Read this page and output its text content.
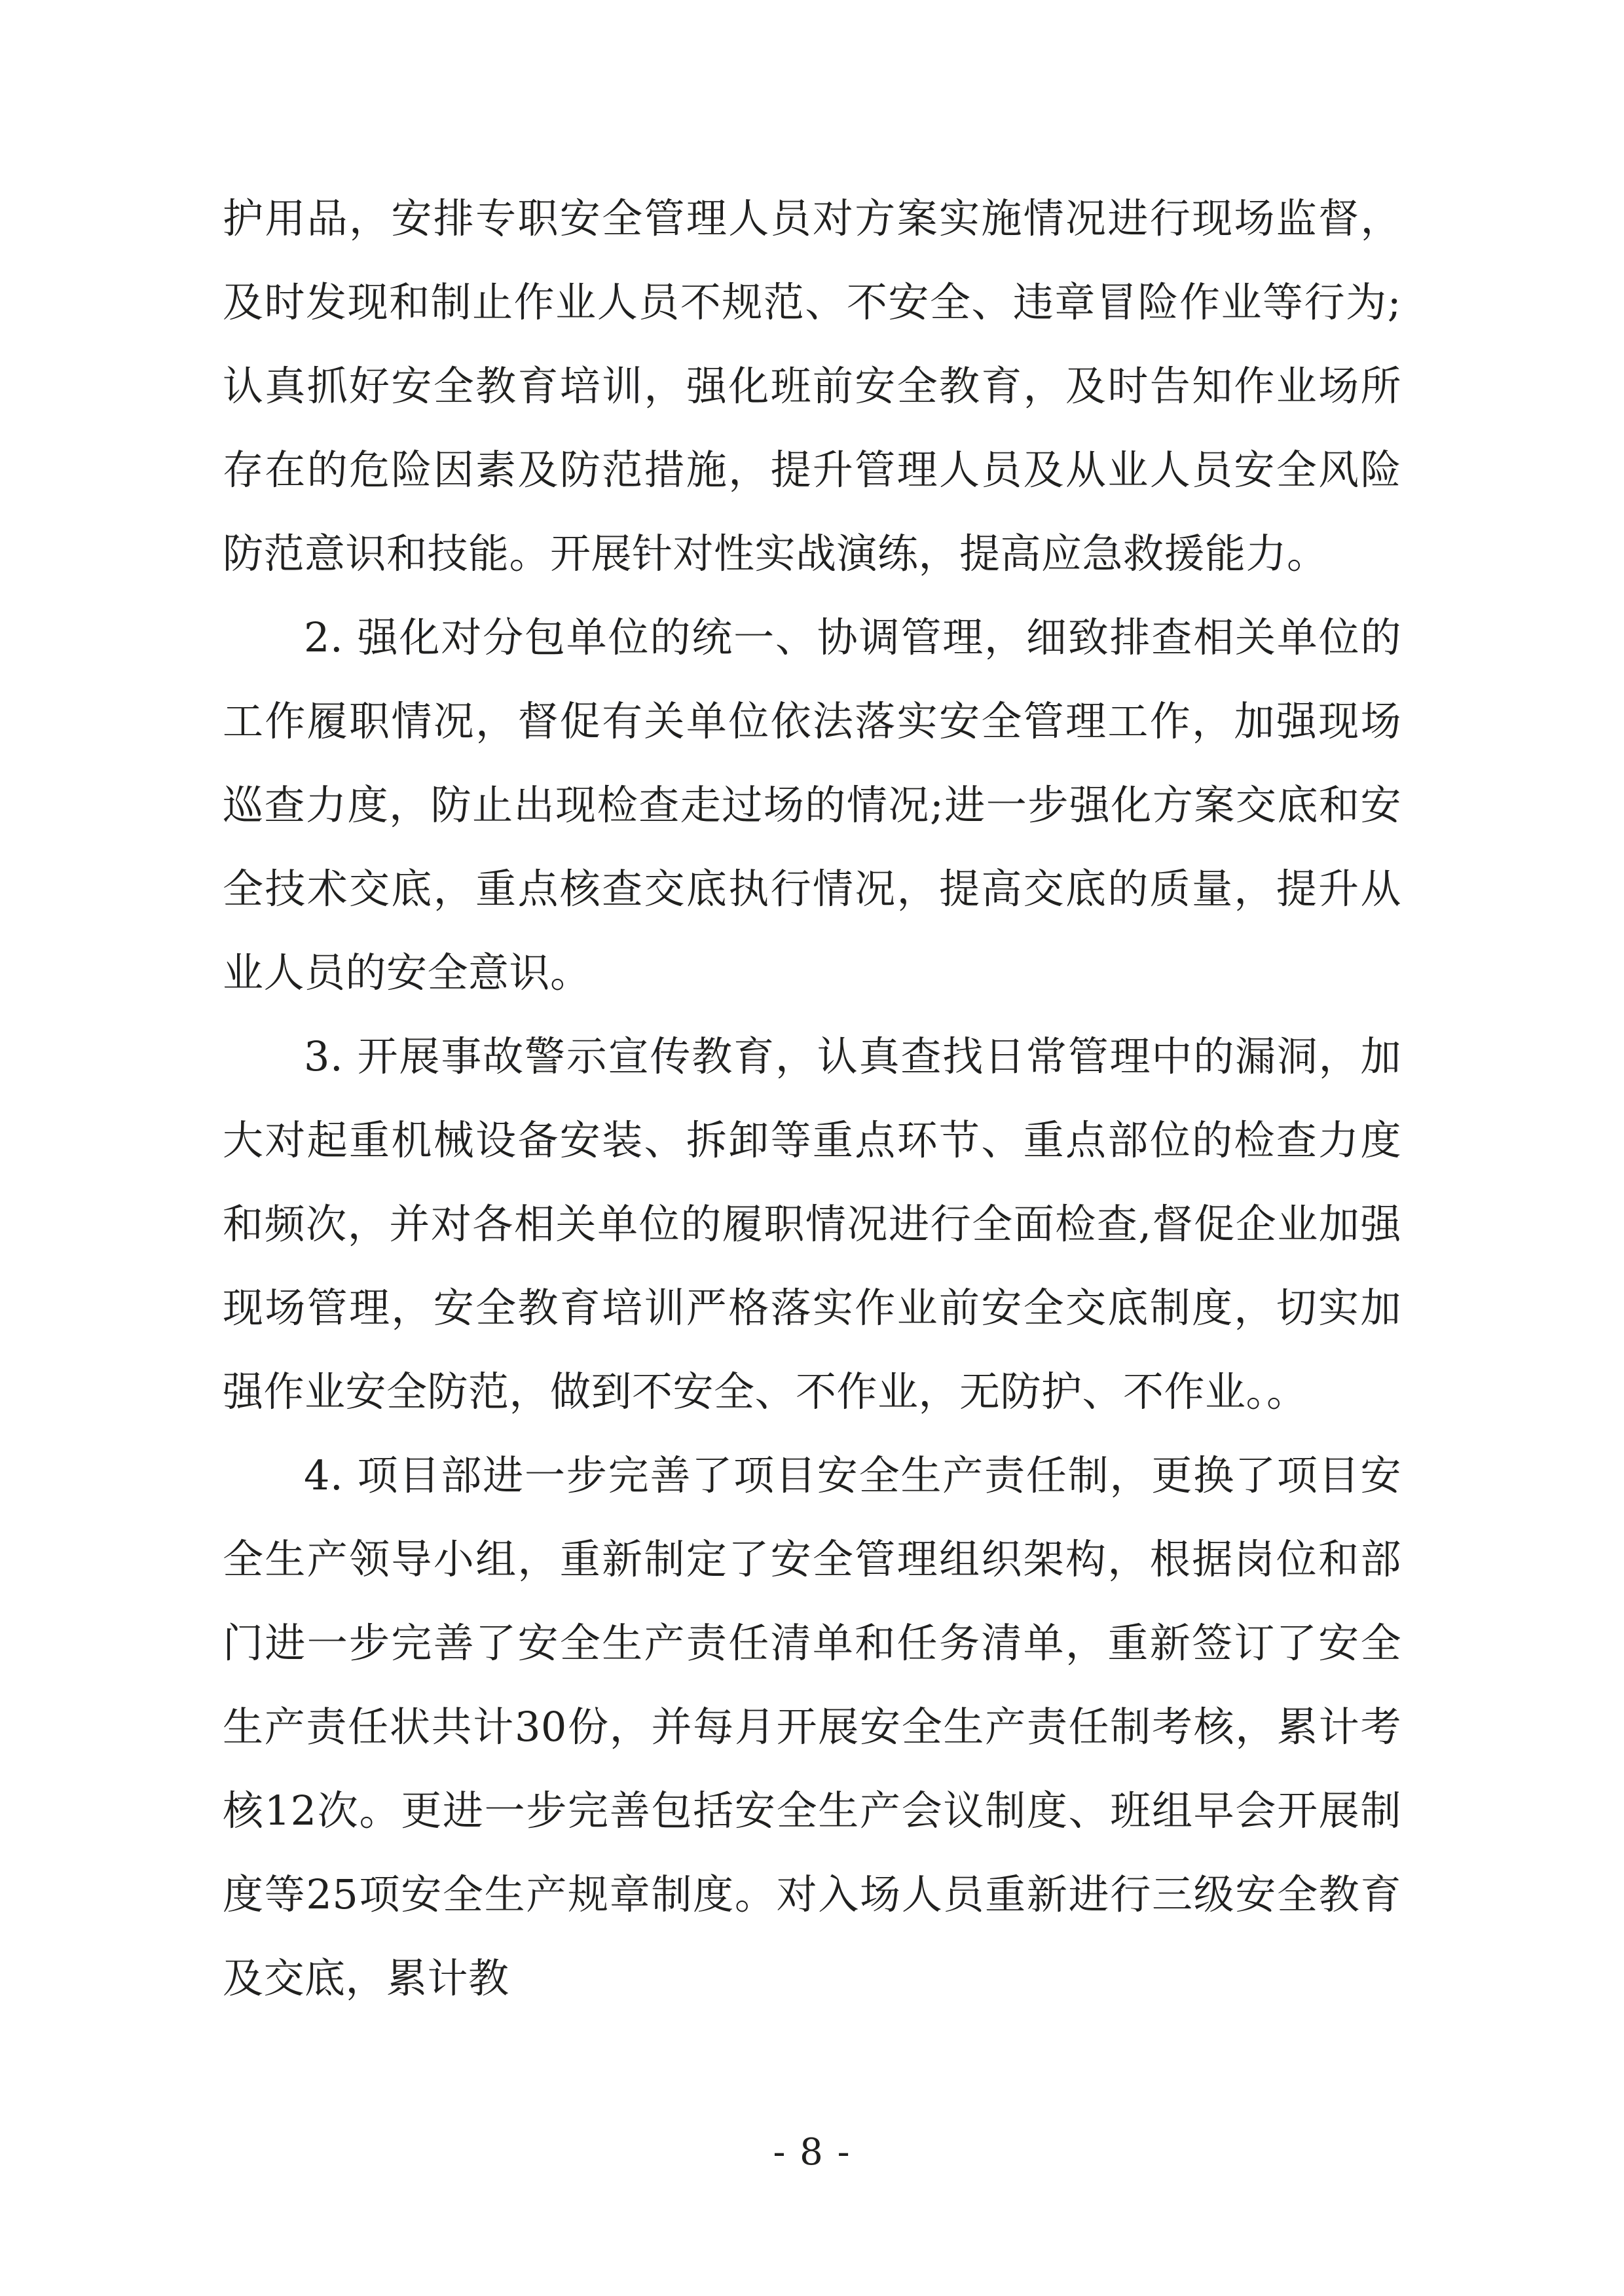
护用品，安排专职安全管理人员对方案实施情况进行现场监督，及时发现和制止作业人员不规范、不安全、违章冒险作业等行为;认真抓好安全教育培训，强化班前安全教育，及时告知作业场所存在的危险因素及防范措施，提升管理人员及从业人员安全风险防范意识和技能。开展针对性实战演练，提高应急救援能力。

2. 强化对分包单位的统一、协调管理，细致排查相关单位的工作履职情况，督促有关单位依法落实安全管理工作，加强现场巡查力度，防止出现检查走过场的情况;进一步强化方案交底和安全技术交底，重点核查交底执行情况，提高交底的质量，提升从业人员的安全意识。

3. 开展事故警示宣传教育，认真查找日常管理中的漏洞，加大对起重机械设备安装、拆卸等重点环节、重点部位的检查力度和频次，并对各相关单位的履职情况进行全面检查,督促企业加强现场管理，安全教育培训严格落实作业前安全交底制度，切实加强作业安全防范，做到不安全、不作业，无防护、不作业。。

4. 项目部进一步完善了项目安全生产责任制，更换了项目安全生产领导小组，重新制定了安全管理组织架构，根据岗位和部门进一步完善了安全生产责任清单和任务清单，重新签订了安全生产责任状共计30份，并每月开展安全生产责任制考核，累计考核12次。更进一步完善包括安全生产会议制度、班组早会开展制度等25项安全生产规章制度。对入场人员重新进行三级安全教育及交底，累计教

- 8 -
